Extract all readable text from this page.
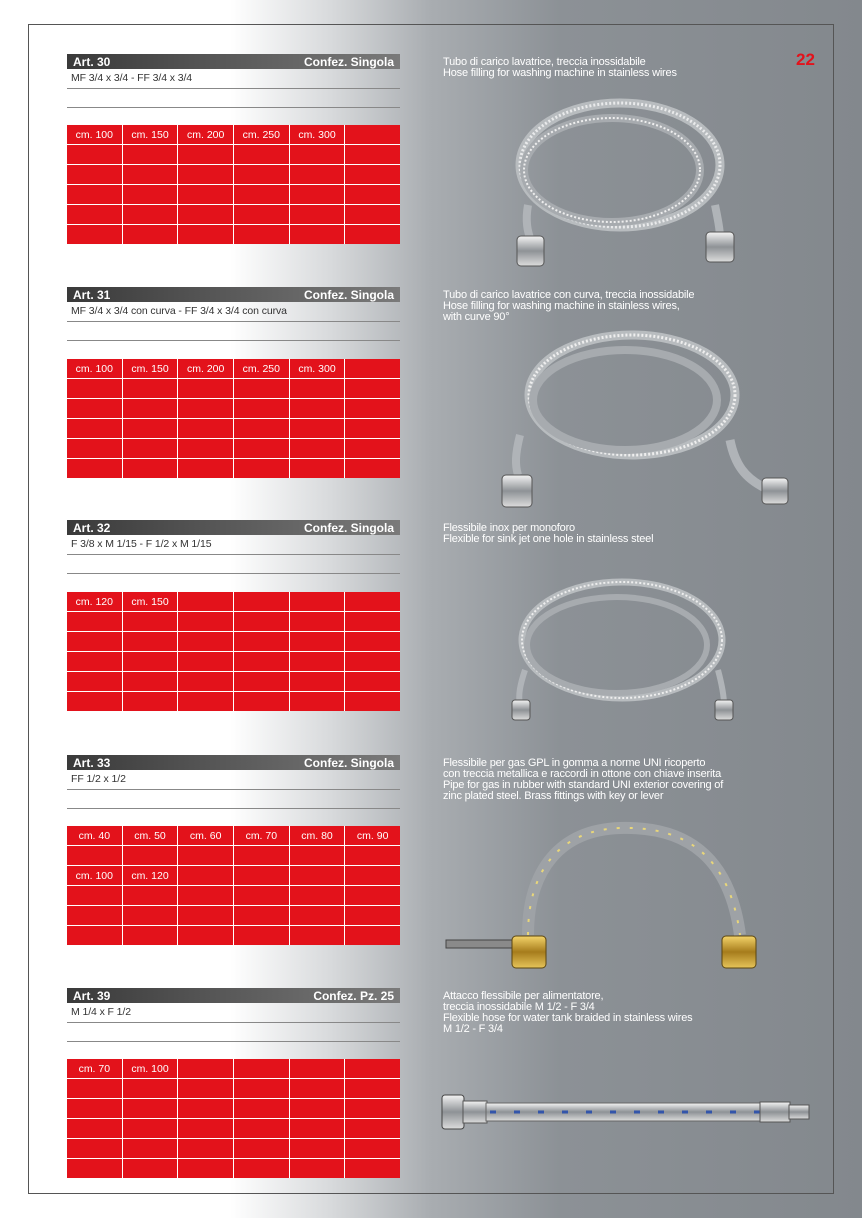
22
Art. 30	Confez. Singola
MF 3/4 x 3/4 - FF 3/4 x 3/4
cm. 100	cm. 150	cm. 200	cm. 250	cm. 300
Tubo di carico lavatrice, treccia inossidabile
Hose filling for washing machine in stainless wires
Art. 31	Confez. Singola
MF 3/4 x 3/4 con curva - FF 3/4 x 3/4 con curva
cm. 100	cm. 150	cm. 200	cm. 250	cm. 300
Tubo di carico lavatrice con curva, treccia inossidabile
Hose filling for washing machine in stainless wires,
with curve 90°
Art. 32	Confez. Singola
F 3/8 x M 1/15 - F 1/2 x M 1/15
cm. 120	cm. 150
Flessibile inox per monoforo
Flexible for sink jet one hole in stainless steel
Art. 33	Confez. Singola
FF 1/2 x 1/2
cm. 40	cm. 50	cm. 60	cm. 70	cm. 80	cm. 90
cm. 100	cm. 120
Flessibile per gas GPL in gomma a norme UNI ricoperto
con treccia metallica e raccordi in ottone con chiave inserita
Pipe for gas in rubber with standard UNI exterior covering of
zinc plated steel. Brass fittings with key or lever
Art. 39	Confez. Pz. 25
M 1/4 x F 1/2
cm. 70	cm. 100
Attacco flessibile per alimentatore,
treccia inossidabile M 1/2 - F 3/4
Flexible hose for water tank braided in stainless wires
M 1/2 - F 3/4
